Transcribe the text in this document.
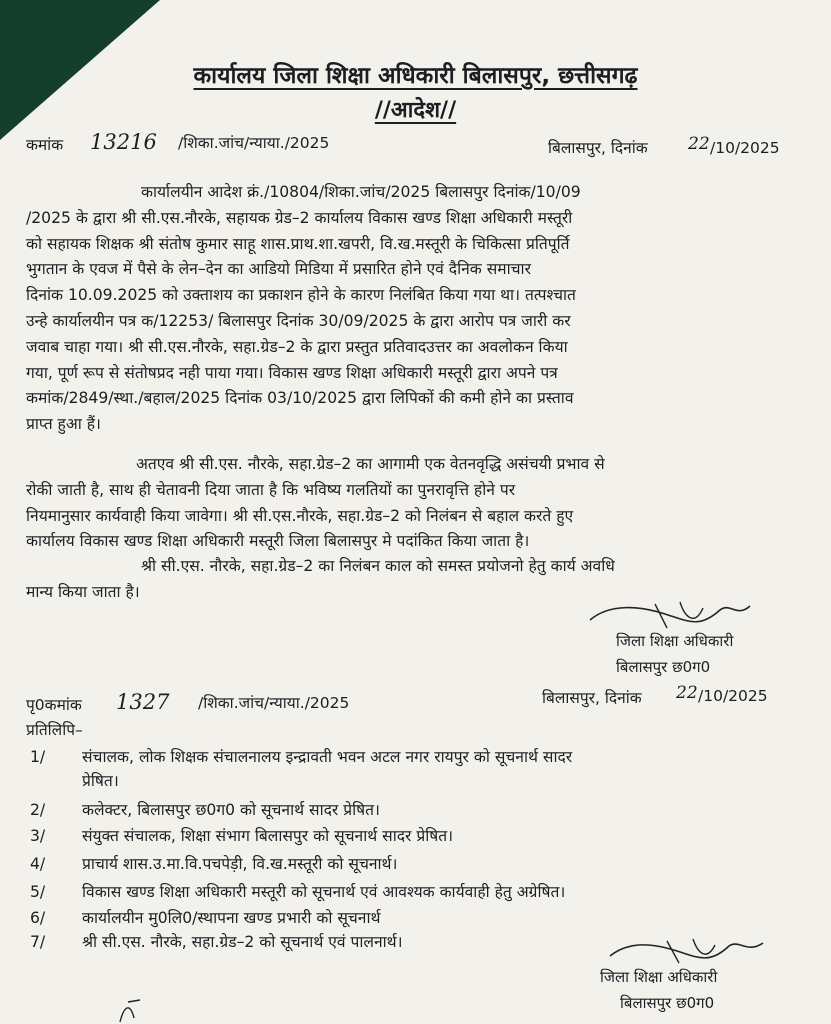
कार्यालय जिला शिक्षा अधिकारी बिलासपुर, छत्तीसगढ़
//आदेश//
कमांक 13216 /शिका.जांच/न्याया./2025	बिलासपुर, दिनांक 22 /10/2025
कार्यालयीन आदेश क्रं./10804/शिका.जांच/2025 बिलासपुर दिनांक/10/09
/2025 के द्वारा श्री सी.एस.नौरके, सहायक ग्रेड–2 कार्यालय विकास खण्ड शिक्षा अधिकारी मस्तूरी
को सहायक शिक्षक श्री संतोष कुमार साहू शास.प्राथ.शा.खपरी, वि.ख.मस्तूरी के चिकित्सा प्रतिपूर्ति
भुगतान के एवज में पैसे के लेन–देन का आडियो मिडिया में प्रसारित होने एवं दैनिक समाचार
दिनांक 10.09.2025 को उक्ताशय का प्रकाशन होने के कारण निलंबित किया गया था। तत्पश्चात
उन्हे कार्यालयीन पत्र क/12253/ बिलासपुर दिनांक 30/09/2025 के द्वारा आरोप पत्र जारी कर
जवाब चाहा गया। श्री सी.एस.नौरके, सहा.ग्रेड–2 के द्वारा प्रस्तुत प्रतिवादउत्तर का अवलोकन किया
गया, पूर्ण रूप से संतोषप्रद नही पाया गया। विकास खण्ड शिक्षा अधिकारी मस्तूरी द्वारा अपने पत्र
कमांक/2849/स्था./बहाल/2025 दिनांक 03/10/2025 द्वारा लिपिकों की कमी होने का प्रस्ताव
प्राप्त हुआ हैं।
अतएव श्री सी.एस. नौरके, सहा.ग्रेड–2 का आगामी एक वेतनवृद्धि असंचयी प्रभाव से
रोकी जाती है, साथ ही चेतावनी दिया जाता है कि भविष्य गलतियों का पुनरावृत्ति होने पर
नियमानुसार कार्यवाही किया जावेगा। श्री सी.एस.नौरके, सहा.ग्रेड–2 को निलंबन से बहाल करते हुए
कार्यालय विकास खण्ड शिक्षा अधिकारी मस्तूरी जिला बिलासपुर मे पदांकित किया जाता है।
श्री सी.एस. नौरके, सहा.ग्रेड–2 का निलंबन काल को समस्त प्रयोजनो हेतु कार्य अवधि
मान्य किया जाता है।
जिला शिक्षा अधिकारी
बिलासपुर छ0ग0
पृ0कमांक 1327 /शिका.जांच/न्याया./2025	बिलासपुर, दिनांक 22 /10/2025
प्रतिलिपि–
1/ संचालक, लोक शिक्षक संचालनालय इन्द्रावती भवन अटल नगर रायपुर को सूचनार्थ सादर
प्रेषित।
2/ कलेक्टर, बिलासपुर छ0ग0 को सूचनार्थ सादर प्रेषित।
3/ संयुक्त संचालक, शिक्षा संभाग बिलासपुर को सूचनार्थ सादर प्रेषित।
4/ प्राचार्य शास.उ.मा.वि.पचपेड़ी, वि.ख.मस्तूरी को सूचनार्थ।
5/ विकास खण्ड शिक्षा अधिकारी मस्तूरी को सूचनार्थ एवं आवश्यक कार्यवाही हेतु अग्रेषित।
6/ कार्यालयीन मु0लि0/स्थापना खण्ड प्रभारी को सूचनार्थ
7/ श्री सी.एस. नौरके, सहा.ग्रेड–2 को सूचनार्थ एवं पालनार्थ।
जिला शिक्षा अधिकारी
बिलासपुर छ0ग0
